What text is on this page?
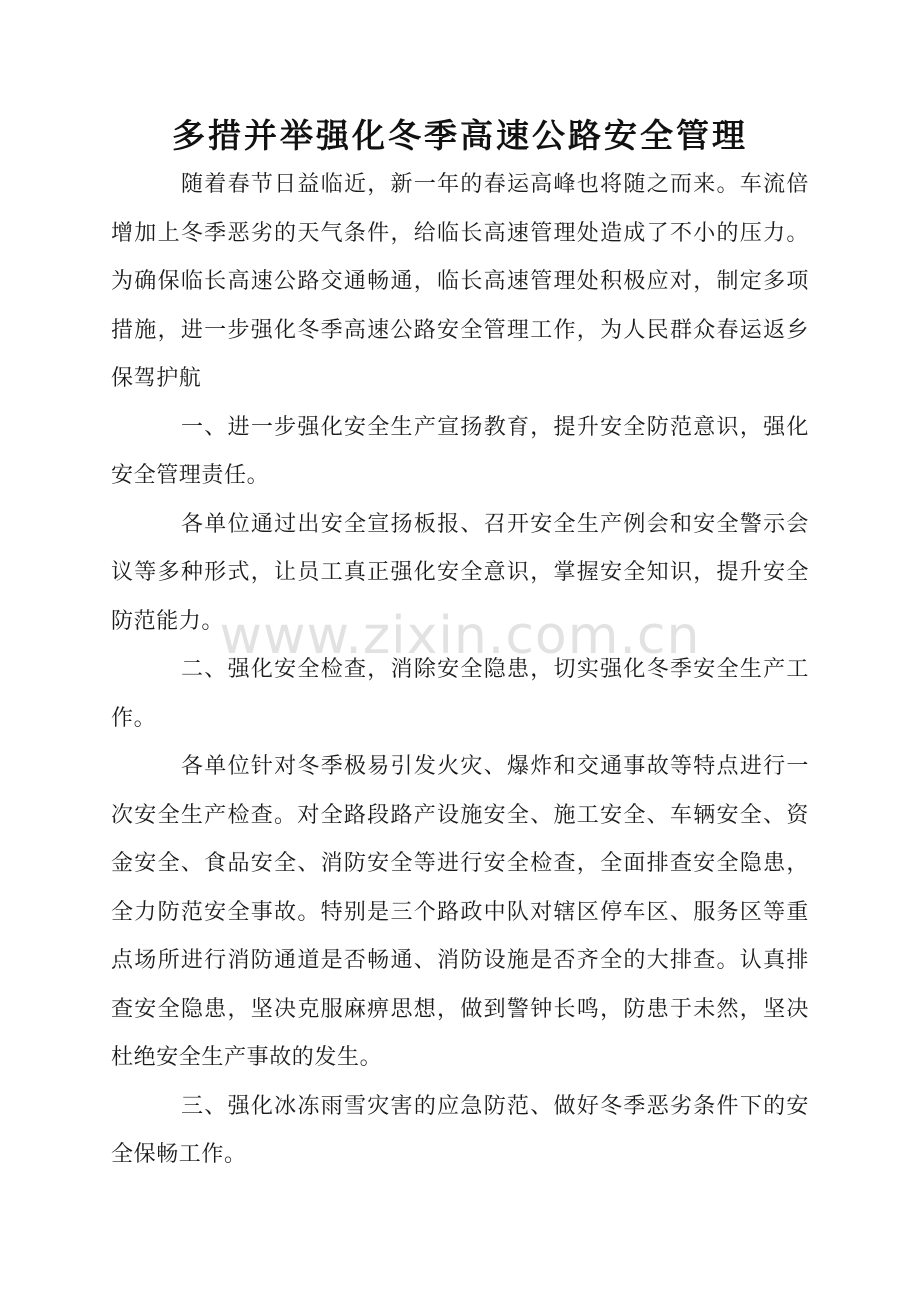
多措并举强化冬季高速公路安全管理

随着春节日益临近，新一年的春运高峰也将随之而来。车流倍增加上冬季恶劣的天气条件，给临长高速管理处造成了不小的压力。为确保临长高速公路交通畅通，临长高速管理处积极应对，制定多项措施，进一步强化冬季高速公路安全管理工作，为人民群众春运返乡保驾护航

一、进一步强化安全生产宣扬教育，提升安全防范意识，强化安全管理责任。

各单位通过出安全宣扬板报、召开安全生产例会和安全警示会议等多种形式，让员工真正强化安全意识，掌握安全知识，提升安全防范能力。

二、强化安全检查，消除安全隐患，切实强化冬季安全生产工作。

各单位针对冬季极易引发火灾、爆炸和交通事故等特点进行一次安全生产检查。对全路段路产设施安全、施工安全、车辆安全、资金安全、食品安全、消防安全等进行安全检查，全面排查安全隐患，全力防范安全事故。特别是三个路政中队对辖区停车区、服务区等重点场所进行消防通道是否畅通、消防设施是否齐全的大排查。认真排查安全隐患，坚决克服麻痹思想，做到警钟长鸣，防患于未然，坚决杜绝安全生产事故的发生。

三、强化冰冻雨雪灾害的应急防范、做好冬季恶劣条件下的安全保畅工作。

www.zixin.com.cn
